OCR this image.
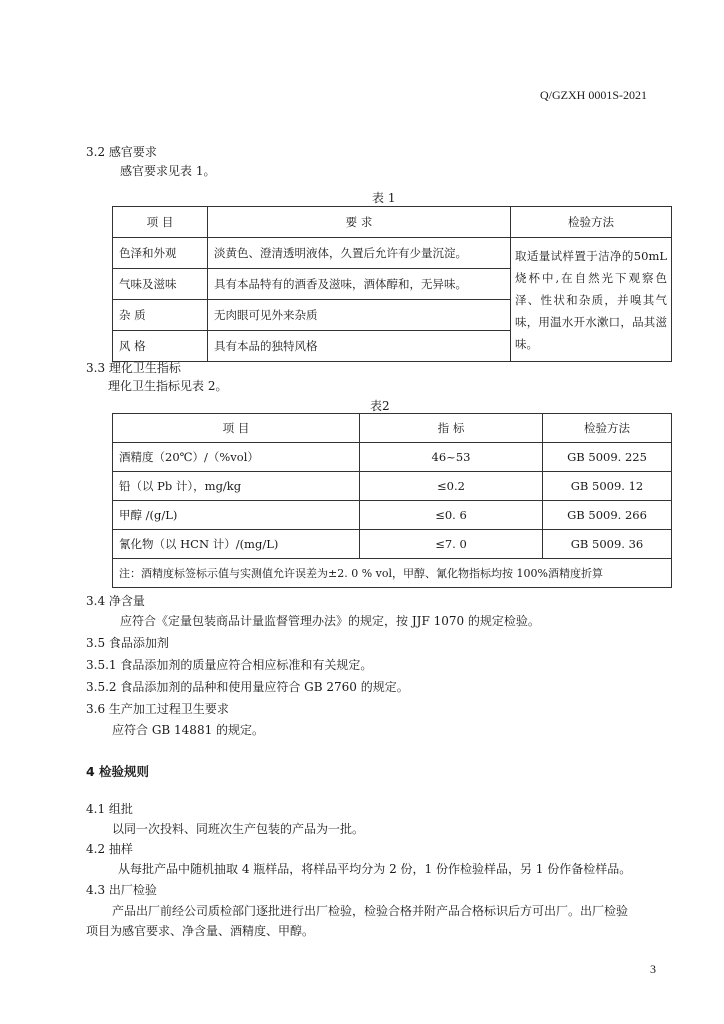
Q/GZXH 0001S-2021
3.2 感官要求
感官要求见表 1。
表 1
项 目	要 求	检验方法
色泽和外观	淡黄色、澄清透明液体，久置后允许有少量沉淀。	取适量试样置于洁净的50mL烧杯中,在自然光下观察色泽、性状和杂质，并嗅其气味，用温水开水漱口，品其滋味。
气味及滋味	具有本品特有的酒香及滋味，酒体醇和，无异味。	
杂 质	无肉眼可见外来杂质	
风 格	具有本品的独特风格	
3.3 理化卫生指标
理化卫生指标见表 2。
表2
项 目	指 标	检验方法
酒精度（20℃）/（%vol）	46~53	GB 5009. 225
铅（以 Pb 计），mg/kg	≤0.2	GB 5009. 12
甲醇 /(g/L)	≤0. 6	GB 5009. 266
氰化物（以 HCN 计）/(mg/L)	≤7. 0	GB 5009. 36
注：酒精度标签标示值与实测值允许误差为±2. 0 % vol，甲醇、氰化物指标均按 100%酒精度折算		
3.4 净含量
应符合《定量包装商品计量监督管理办法》的规定，按 JJF 1070 的规定检验。
3.5 食品添加剂
3.5.1 食品添加剂的质量应符合相应标准和有关规定。
3.5.2 食品添加剂的品种和使用量应符合 GB 2760 的规定。
3.6 生产加工过程卫生要求
应符合 GB 14881 的规定。
4 检验规则
4.1 组批
以同一次投料、同班次生产包装的产品为一批。
4.2 抽样
从每批产品中随机抽取 4 瓶样品，将样品平均分为 2 份，1 份作检验样品，另 1 份作备检样品。
4.3 出厂检验
产品出厂前经公司质检部门逐批进行出厂检验，检验合格并附产品合格标识后方可出厂。出厂检验
项目为感官要求、净含量、酒精度、甲醇。
3
